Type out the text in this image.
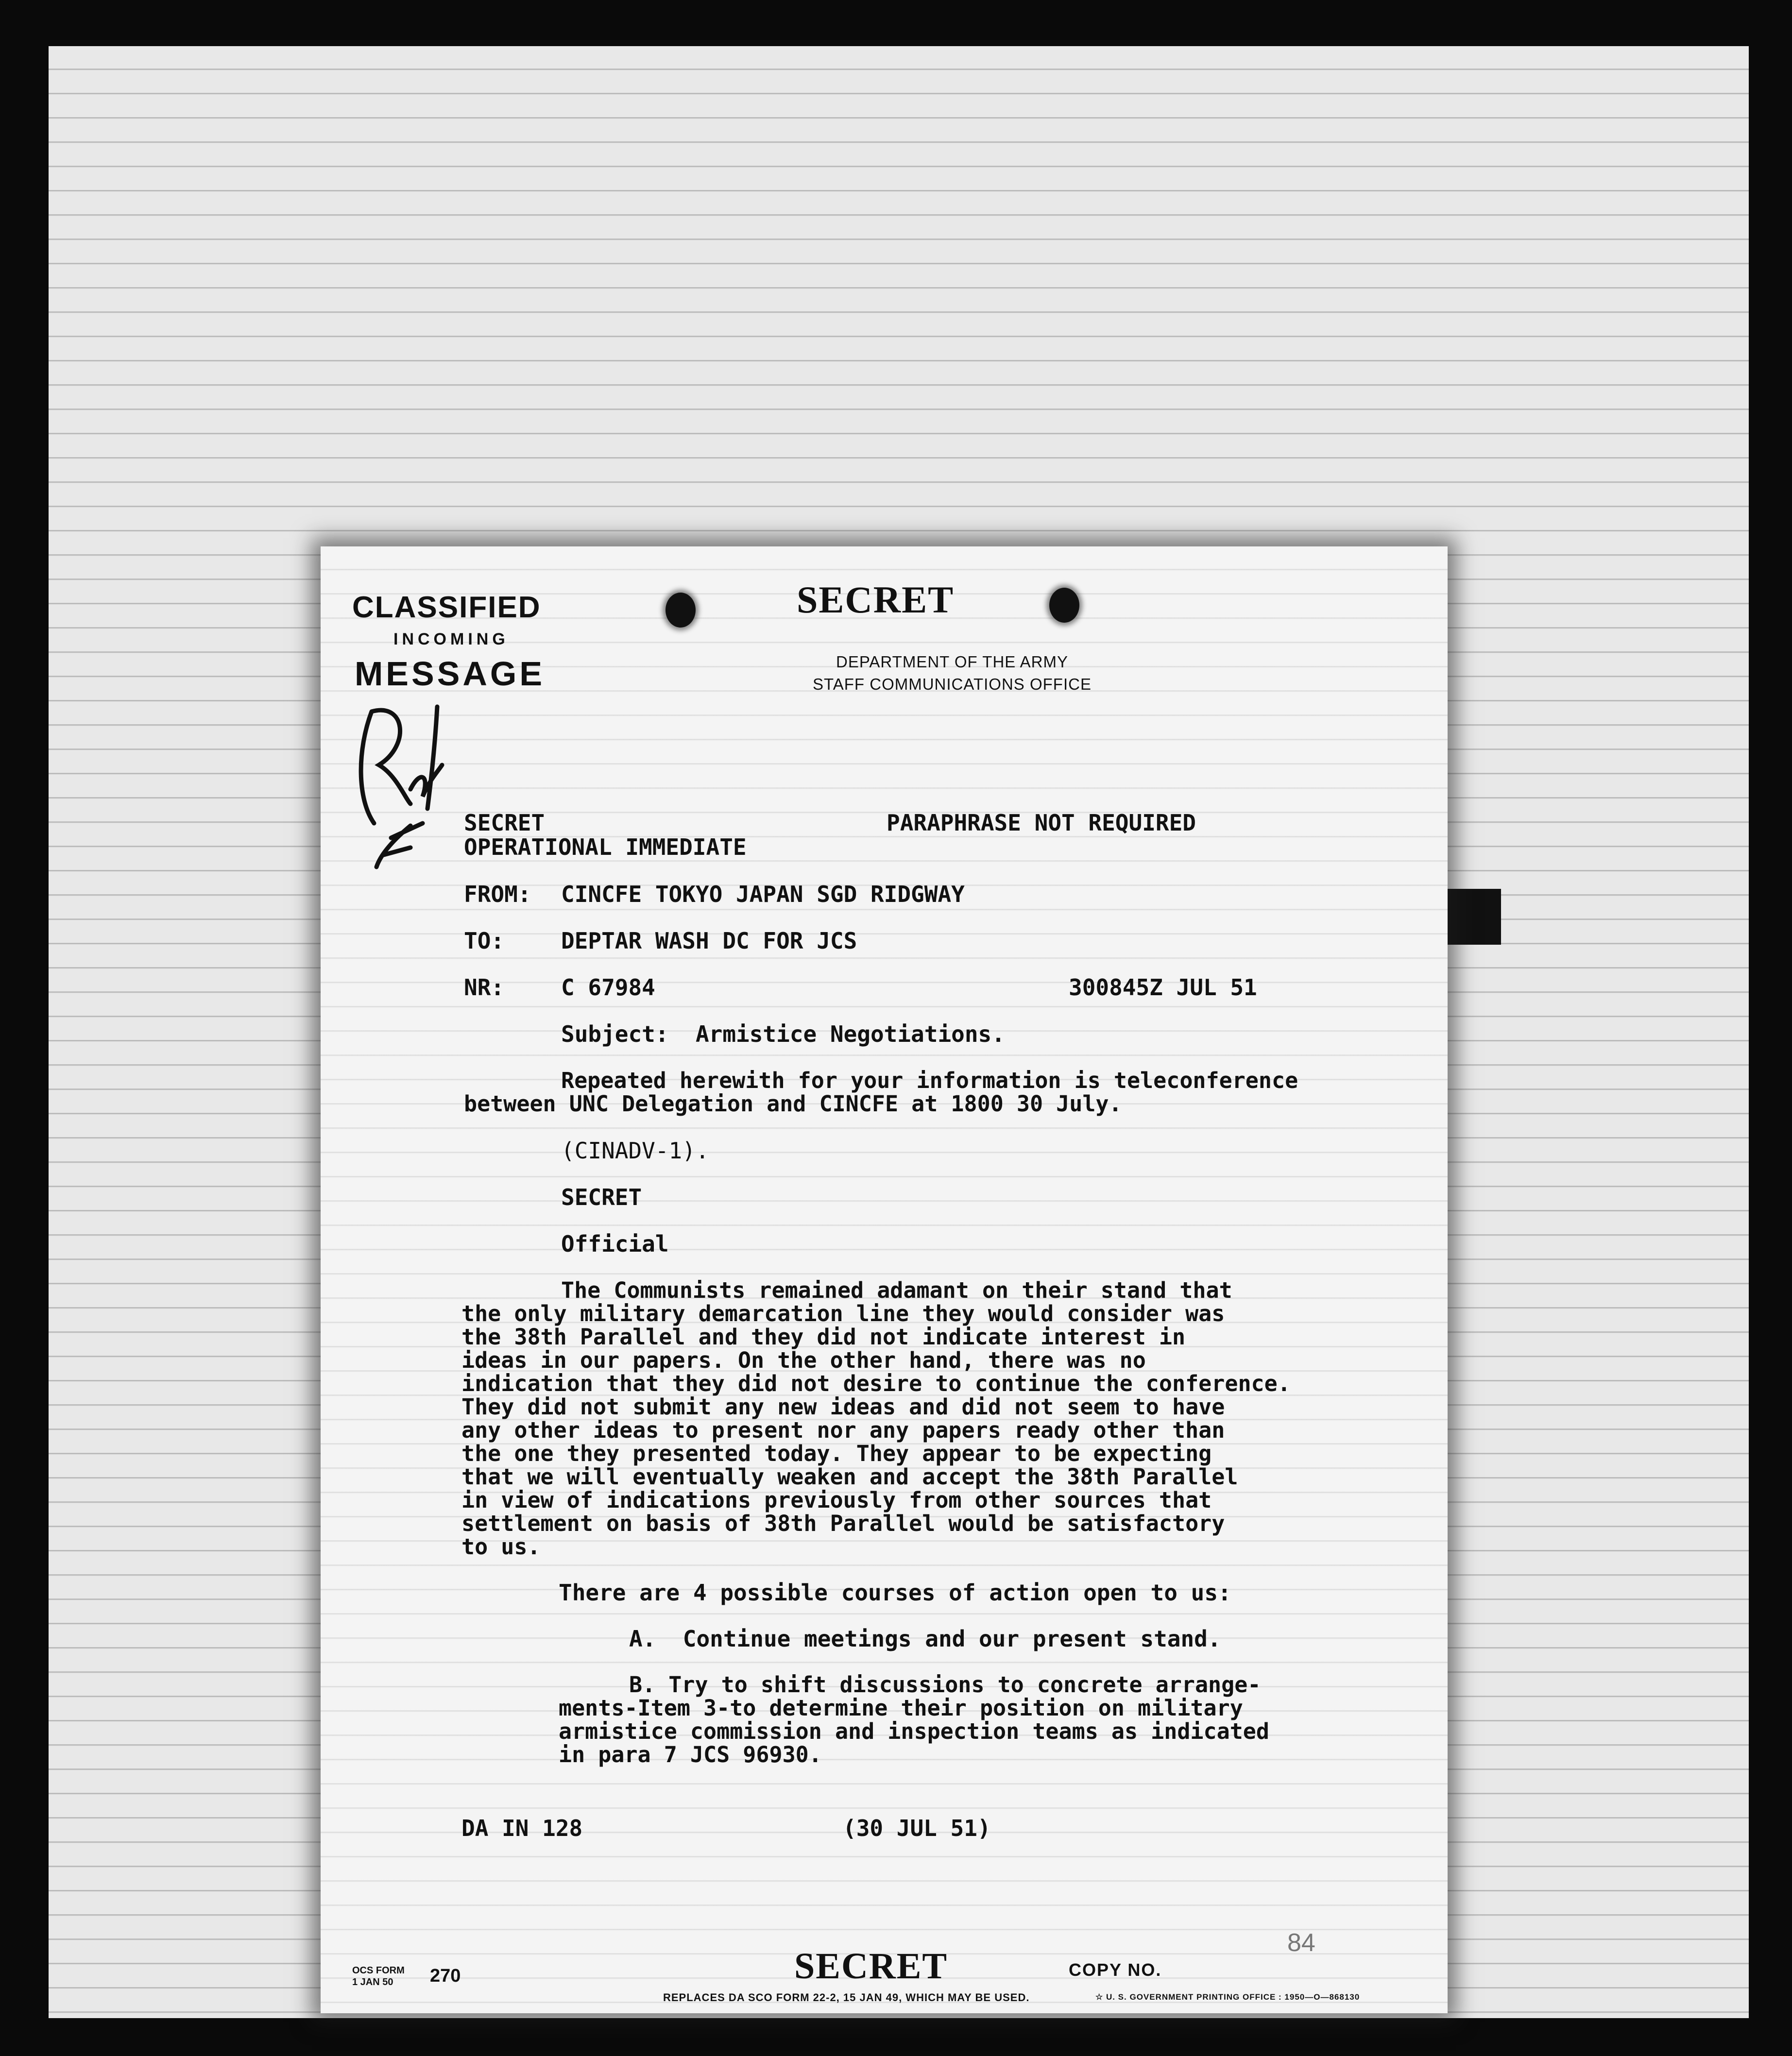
CLASSIFIED
INCOMING
MESSAGE
SECRET
DEPARTMENT OF THE ARMY
STAFF COMMUNICATIONS OFFICE
SECRET	PARAPHRASE NOT REQUIRED
OPERATIONAL IMMEDIATE
FROM: CINCFE TOKYO JAPAN SGD RIDGWAY
TO:	DEPTAR WASH DC FOR JCS
NR:	C 67984	300845Z JUL 51
Subject:  Armistice Negotiations.
Repeated herewith for your information is teleconference
between UNC Delegation and CINCFE at 1800 30 July.
(CINADV-1).
SECRET
Official
The Communists remained adamant on their stand that
the only military demarcation line they would consider was
the 38th Parallel and they did not indicate interest in
ideas in our papers. On the other hand, there was no
indication that they did not desire to continue the conference.
They did not submit any new ideas and did not seem to have
any other ideas to present nor any papers ready other than
the one they presented today. They appear to be expecting
that we will eventually weaken and accept the 38th Parallel
in view of indications previously from other sources that
settlement on basis of 38th Parallel would be satisfactory
to us.
There are 4 possible courses of action open to us:
A.  Continue meetings and our present stand.
B. Try to shift discussions to concrete arrange-
ments-Item 3-to determine their position on military
armistice commission and inspection teams as indicated
in para 7 JCS 96930.
DA IN 128	(30 JUL 51)
OCS FORM
1 JAN 50	270	SECRET	COPY NO.
84
REPLACES DA SCO FORM 22-2, 15 JAN 49, WHICH MAY BE USED.	☆ U. S. GOVERNMENT PRINTING OFFICE : 1950—O—868130
